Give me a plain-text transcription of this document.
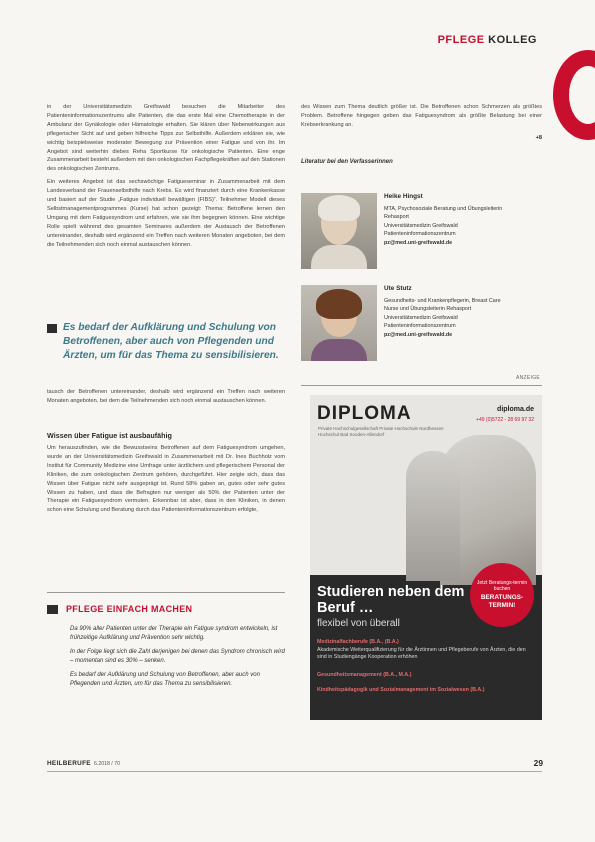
PFLEGE KOLLEG

in der Universitätsmedizin Greifswald besuchen die Mitarbeiter des Patienteninformationszentrums alle Patienten, die das erste Mal eine Chemotherapie in der Ambulanz der Gynäkologie oder Hämatologie erhalten. Sie klären über Nebenwirkungen aus pflegerischer Sicht auf und geben hilfreiche Tipps zur Selbsthilfe. Außerdem erklären sie, wie wichtig beispielsweise moderater Bewegung zur Prävention einer Fatigue und von ihr. Im Angebot sind weiterhin diebes Reha Sportkurse für onkologische Patienten. Eine enge Zusammenarbeit besteht außerdem mit den onkologischen Fachpflegekräften auf den Stationen des onkologischen Zentrums.

Ein weiteres Angebot ist das sechswöchige Fatigueseminar in Zusammenarbeit mit dem Landesverband der Frauenselbsthilfe nach Krebs. Es wird finanziert durch eine Krankenkasse und basiert auf der Studie „Fatigue individuell bewältigen (FIBS)“. Teilnehmer Modell dieses Selbstmanagementprogrammes (Kurse) hat schon gezeigt: Thema: Betroffene lernen den Umgang mit dem Fatiguesyndrom und erfahren, wie sie ihm begegnen können. Eine wichtige Rolle spielt während des gesamten Seminares außerdem der Austausch der Betroffenen untereinander, deshalb wird ergänzend ein Treffen nach weiteren Monaten angeboten, bei dem die Teilnehmenden sich noch einmal austauschen können.

des Wissen zum Thema deutlich größer ist. Die Betroffenen schon Schmerzen als größtes Problem. Betroffene hingegen geben das Fatiguesyndrom als größte Belastung bei einer Krebserkrankung an.

+8
Literatur bei den Verfasserinnen
Heike Hingst

MTA, Psychosoziale Beratung und Übungsleiterin

Rehasport

Universitätsmedizin Greifswald

Patienteninformationszentrum

pz@med.uni-greifswald.de

Ute Stutz

Gesundheits- und Krankenpflegerin, Breast Care

Nurse und Übungsleiterin Rehasport

Universitätsmedizin Greifswald

Patienteninformationszentrum

pz@med.uni-greifswald.de

Es bedarf der Aufklärung und Schulung von Betroffenen, aber auch von Pflegenden und Ärzten, um für das Thema zu sensibilisieren.

tausch der Betroffenen untereinander, deshalb wird ergänzend ein Treffen nach weiteren Monaten angeboten, bei dem die Teilnehmenden sich noch einmal austauschen können.

Wissen über Fatigue ist ausbaufähig

Um herauszufinden, wie die Bewusstseins Betroffenen auf dem Fatiguesyndrom umgehen, wurde an der Universitätsmedizin Greifswald in Zusammenarbeit mit Dr. Ines Buchholz vom Institut für Community Medizine eine Umfrage unter ärztlichem und pflegerischem Personal der Kliniken, die zum onkologischen Zentrum gehören, durchgeführt. Hier zeigte sich, dass das Wissen über Fatigue nicht sehr ausgeprägt ist. Rund 58% gaben an, gutes oder sehr gutes Wissen zu haben, und dass die Befragten nur weniger als 50% der Patienten unter der Therapie ein Fatiguesyndrom vermuten. Erkennbar ist aber, dass in den Kliniken, in denen schon eine Schulung und Beratung durch das Patienteninformationszentrum erfolgte,

PFLEGE EINFACH MACHEN

Da 90% aller Patienten unter der Therapie ein Fatigue syndrom entwickeln, ist frühzeitige Aufklärung und Prävention sehr wichtig.

In der Folge liegt sich die Zahl derjenigen bei denen das Syndrom chronisch wird – momentan sind es 30% – senken.

Es bedarf der Aufklärung und Schulung von Betroffenen, aber auch von Pflegenden und Ärzten, um für das Thema zu sensibilisieren.

ANZEIGE
DIPLOMA
Private Hochschulgesellschaft Private Hochschule Nordhessen Hochschul Bad Sooden-Allendorf
diploma.de
+49 (0)5722 - 28 69 97 32
Studieren neben dem Beruf …
flexibel von überall
Jetzt Beratungs-termin buchen
BERATUNGS-TERMIN!
Medizinalfachberufe (B.A., (B.A.)
Akademische Weiterqualifizierung für die Ärztinnen und Pflegeberufe von Ärzten, die den sind in Studiengänge Kooperation erhöhen
Gesundheitsmanagement (B.A., M.A.)
Kindheitspädagogik und Sozialmanagement im Sozialwesen (B.A.)
HEILBERUFE 6.2018 / 70	29
